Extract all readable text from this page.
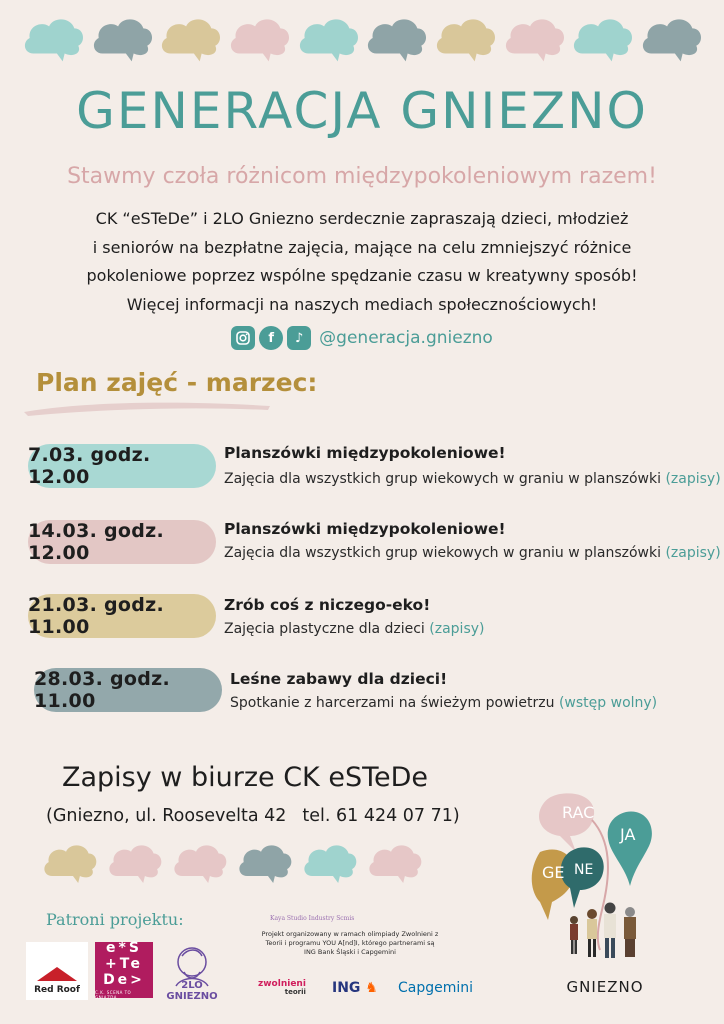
GENERACJA GNIEZNO
Stawmy czoła różnicom międzypokoleniowym razem!
CK “eSTeDe” i 2LO Gniezno serdecznie zapraszają dzieci, młodzież
i seniorów na bezpłatne zajęcia, mające na celu zmniejszyć różnice
pokoleniowe poprzez wspólne spędzanie czasu w kreatywny sposób!
Więcej informacji na naszych mediach społecznościowych!
f	♪ @generacja.gniezno
Plan zajęć - marzec:
7.03. godz. 12.00
Planszówki międzypokoleniowe!
Zajęcia dla wszystkich grup wiekowych w graniu w planszówki (zapisy)
14.03. godz. 12.00
Planszówki międzypokoleniowe!
Zajęcia dla wszystkich grup wiekowych w graniu w planszówki (zapisy)
21.03. godz. 11.00
Zrób coś z niczego-eko!
Zajęcia plastyczne dla dzieci (zapisy)
28.03. godz. 11.00
Leśne zabawy dla dzieci!
Spotkanie z harcerzami na świeżym powietrzu (wstęp wolny)
Zapisy w biurze CK eSTeDe
(Gniezno, ul. Roosevelta 42 tel. 61 424 07 71)
Patroni projektu:
Red Roof
e*S
+Te
De>
C.K. SCENA TO GNIAZDA
2LO GNIEZNO
Kaya Studio Industry Scmis
Projekt organizowany w ramach olimpiady Zwolnieni z Teorii i programu YOU A[nd]I, którego partnerami są ING Bank Śląski i Capgemini
zwolnieni
teorii ING ♞ Capgemini
RAC
JA
GE NE
GNIEZNO
